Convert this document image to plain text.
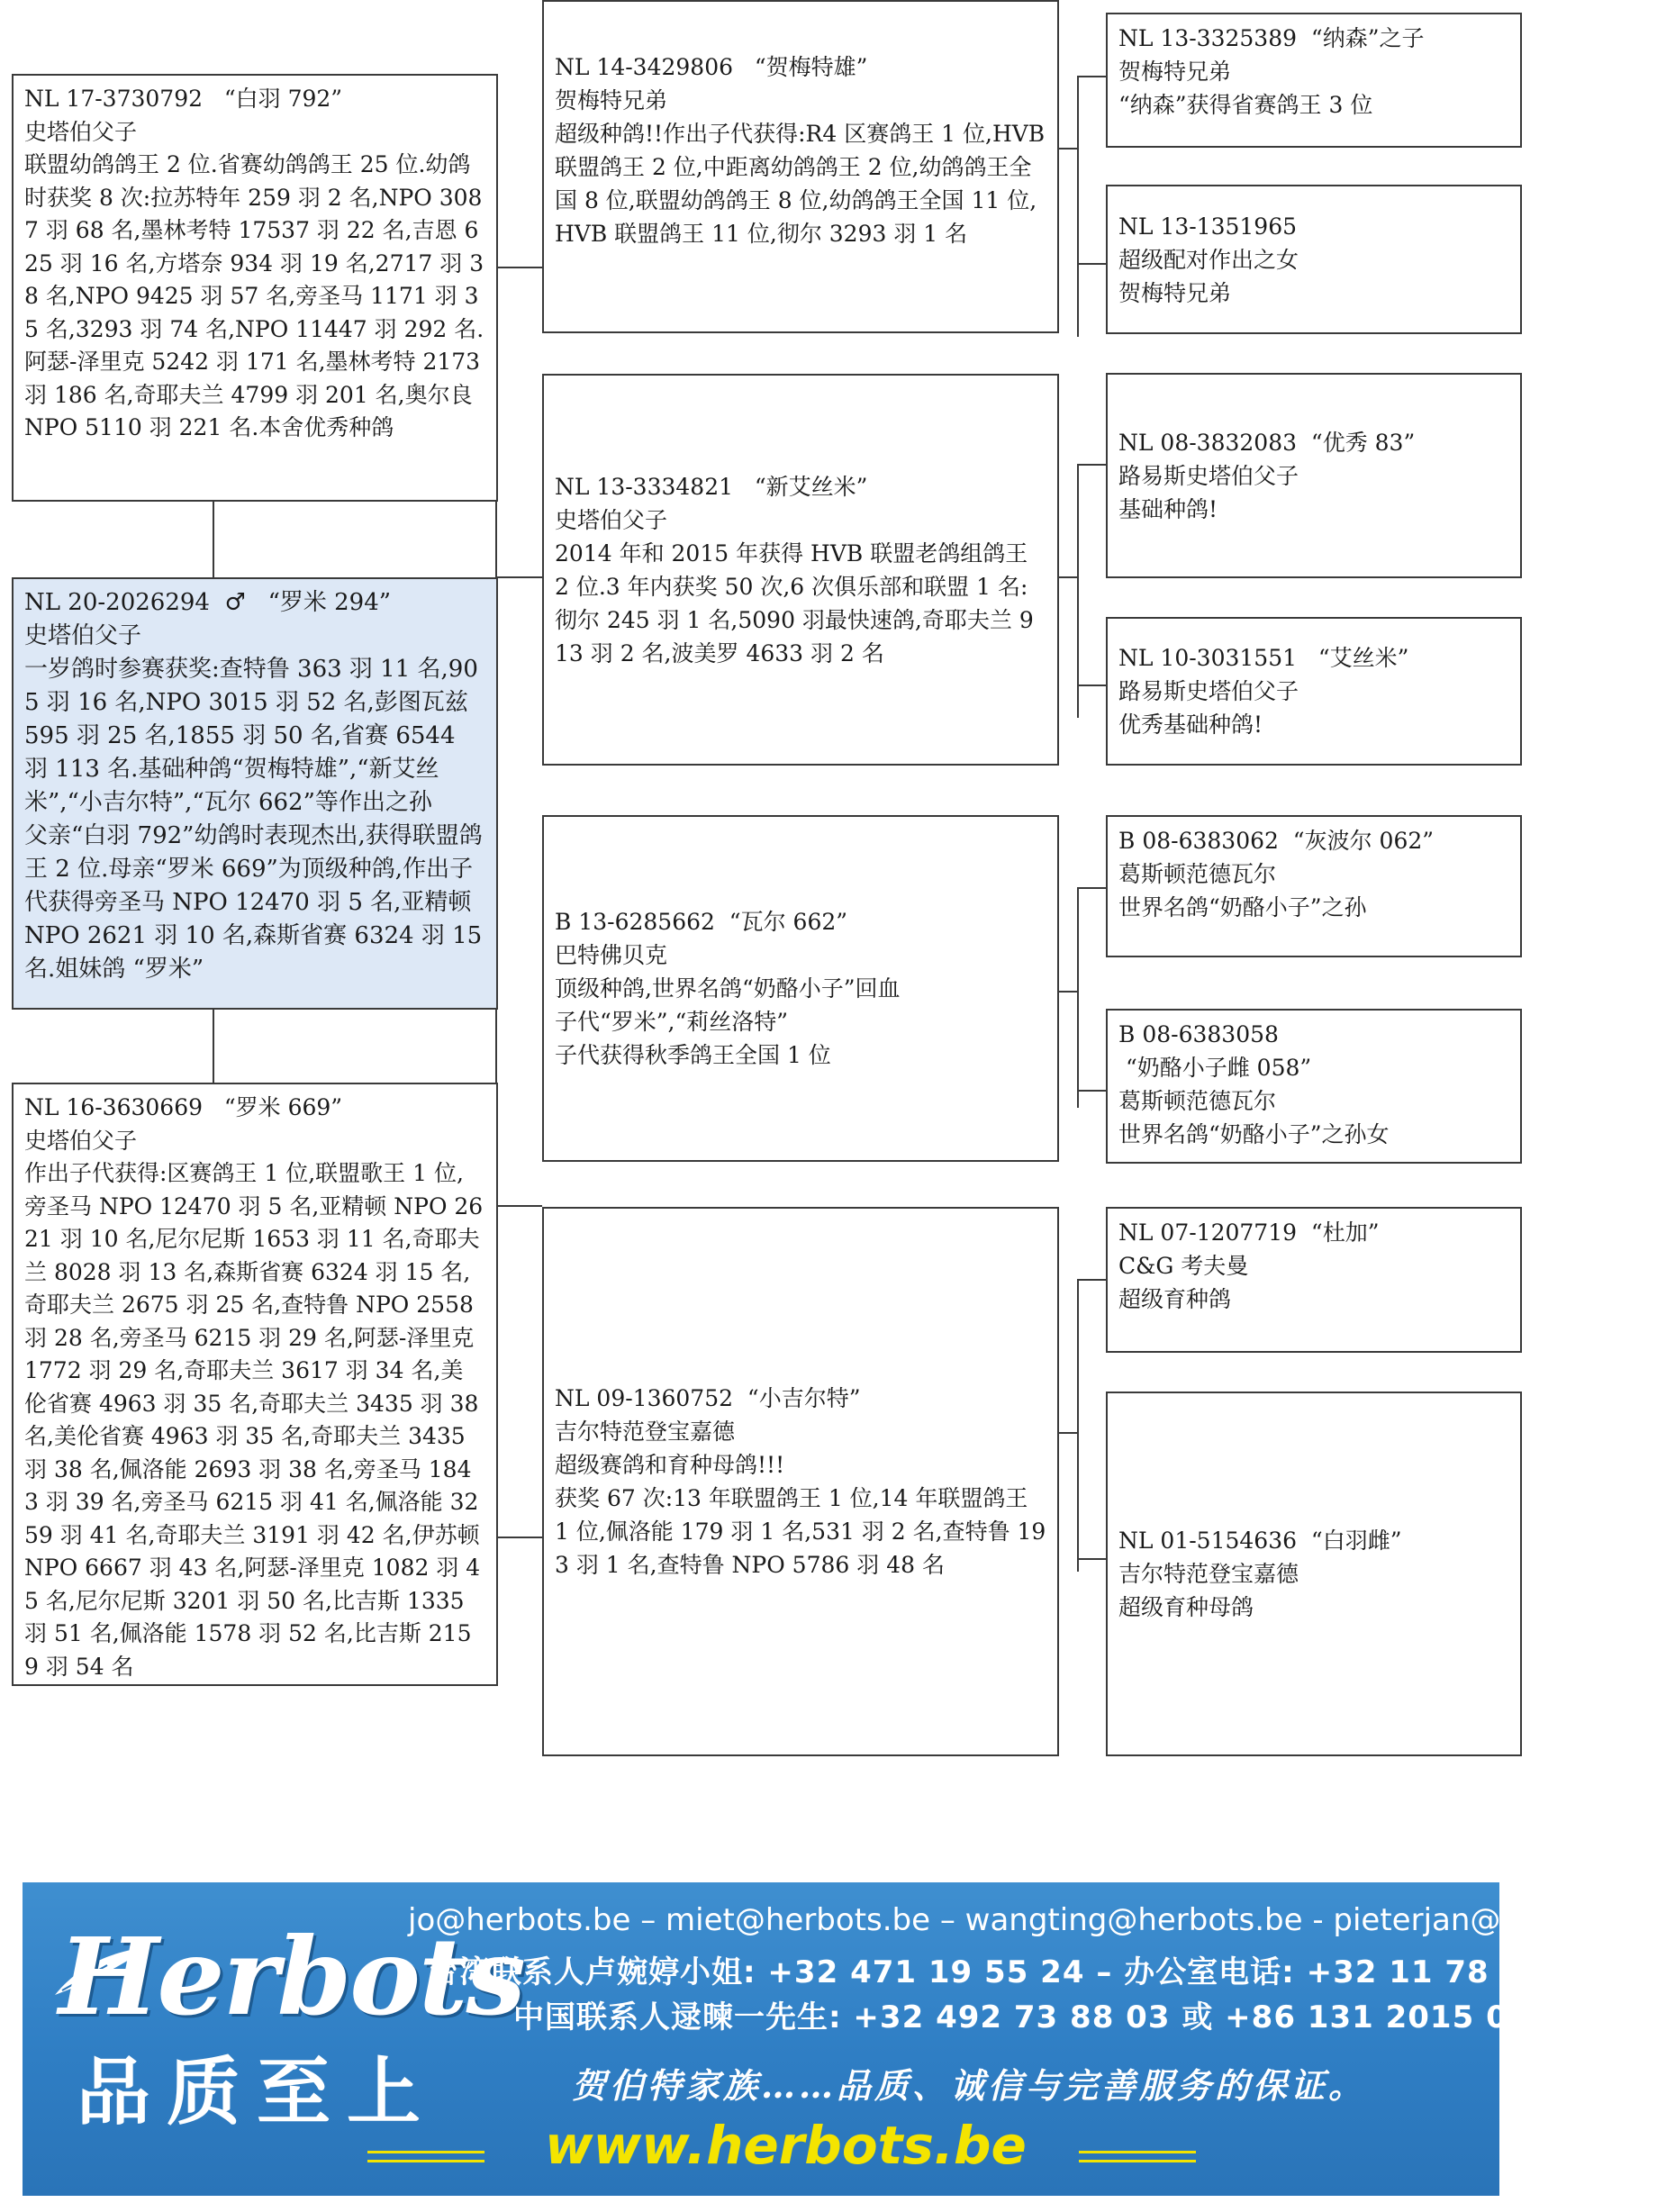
NL 17-3730792   “白羽 792”
史塔伯父子
联盟幼鸽鸽王 2 位.省赛幼鸽鸽王 25 位.幼鸽时获奖 8 次:拉苏特年 259 羽 2 名,NPO 3087 羽 68 名,墨林考特 17537 羽 22 名,吉恩 625 羽 16 名,方塔奈 934 羽 19 名,2717 羽 38 名,NPO 9425 羽 57 名,旁圣马 1171 羽 35 名,3293 羽 74 名,NPO 11447 羽 292 名.阿瑟-泽里克 5242 羽 171 名,墨林考特 2173 羽 186 名,奇耶夫兰 4799 羽 201 名,奥尔良 NPO 5110 羽 221 名.本舍优秀种鸽
NL 20-2026294  ♂   “罗米 294”
史塔伯父子
一岁鸽时参赛获奖:查特鲁 363 羽 11 名,905 羽 16 名,NPO 3015 羽 52 名,彭图瓦兹 595 羽 25 名,1855 羽 50 名,省赛 6544 羽 113 名.基础种鸽“贺梅特雄”,“新艾丝米”,“小吉尔特”,“瓦尔 662”等作出之孙
父亲“白羽 792”幼鸽时表现杰出,获得联盟鸽王 2 位.母亲“罗米 669”为顶级种鸽,作出子代获得旁圣马 NPO 12470 羽 5 名,亚精顿 NPO 2621 羽 10 名,森斯省赛 6324 羽 15 名.姐妹鸽 “罗米”
NL 16-3630669   “罗米 669”
史塔伯父子
作出子代获得:区赛鸽王 1 位,联盟歌王 1 位,旁圣马 NPO 12470 羽 5 名,亚精顿 NPO 2621 羽 10 名,尼尔尼斯 1653 羽 11 名,奇耶夫兰 8028 羽 13 名,森斯省赛 6324 羽 15 名,奇耶夫兰 2675 羽 25 名,查特鲁 NPO 2558 羽 28 名,旁圣马 6215 羽 29 名,阿瑟-泽里克 1772 羽 29 名,奇耶夫兰 3617 羽 34 名,美伦省赛 4963 羽 35 名,奇耶夫兰 3435 羽 38 名,美伦省赛 4963 羽 35 名,奇耶夫兰 3435 羽 38 名,佩洛能 2693 羽 38 名,旁圣马 1843 羽 39 名,旁圣马 6215 羽 41 名,佩洛能 3259 羽 41 名,奇耶夫兰 3191 羽 42 名,伊苏顿 NPO 6667 羽 43 名,阿瑟-泽里克 1082 羽 45 名,尼尔尼斯 3201 羽 50 名,比吉斯 1335 羽 51 名,佩洛能 1578 羽 52 名,比吉斯 2159 羽 54 名
NL 14-3429806   “贺梅特雄”
贺梅特兄弟
超级种鸽!!作出子代获得:R4 区赛鸽王 1 位,HVB 联盟鸽王 2 位,中距离幼鸽鸽王 2 位,幼鸽鸽王全国 8 位,联盟幼鸽鸽王 8 位,幼鸽鸽王全国 11 位,HVB 联盟鸽王 11 位,彻尔 3293 羽 1 名
NL 13-3334821   “新艾丝米”
史塔伯父子
2014 年和 2015 年获得 HVB 联盟老鸽组鸽王 2 位.3 年内获奖 50 次,6 次俱乐部和联盟 1 名:彻尔 245 羽 1 名,5090 羽最快速鸽,奇耶夫兰 913 羽 2 名,波美罗 4633 羽 2 名
B 13-6285662  “瓦尔 662”
巴特佛贝克
顶级种鸽,世界名鸽“奶酪小子”回血
子代“罗米”,“莉丝洛特”
子代获得秋季鸽王全国 1 位
NL 09-1360752  “小吉尔特”
吉尔特范登宝嘉德
超级赛鸽和育种母鸽!!!
获奖 67 次:13 年联盟鸽王 1 位,14 年联盟鸽王 1 位,佩洛能 179 羽 1 名,531 羽 2 名,查特鲁 193 羽 1 名,查特鲁 NPO 5786 羽 48 名
NL 13-3325389  “纳森”之子
贺梅特兄弟
“纳森”获得省赛鸽王 3 位
NL 13-1351965
超级配对作出之女
贺梅特兄弟
NL 08-3832083  “优秀 83”
路易斯史塔伯父子
基础种鸽!
NL 10-3031551   “艾丝米”
路易斯史塔伯父子
优秀基础种鸽!
B 08-6383062  “灰波尔 062”
葛斯顿范德瓦尔
世界名鸽“奶酪小子”之孙
B 08-6383058
“奶酪小子雌 058”
葛斯顿范德瓦尔
世界名鸽“奶酪小子”之孙女
NL 07-1207719  “杜加”
C&G 考夫曼
超级育种鸽
NL 01-5154636  “白羽雌”
吉尔特范登宝嘉德
超级育种母鸽
Herbots
品质至上
jo@herbots.be – miet@herbots.be – wangting@herbots.be - pieterjan@herbots.be
台湾联系人卢婉婷小姐: +32 471 19 55 24 – 办公室电话: +32 11 78 91 90
中国联系人逯暕一先生: +32 492 73 88 03 或 +86 131 2015 0755
贺伯特家族……品质、诚信与完善服务的保证。
www.herbots.be
